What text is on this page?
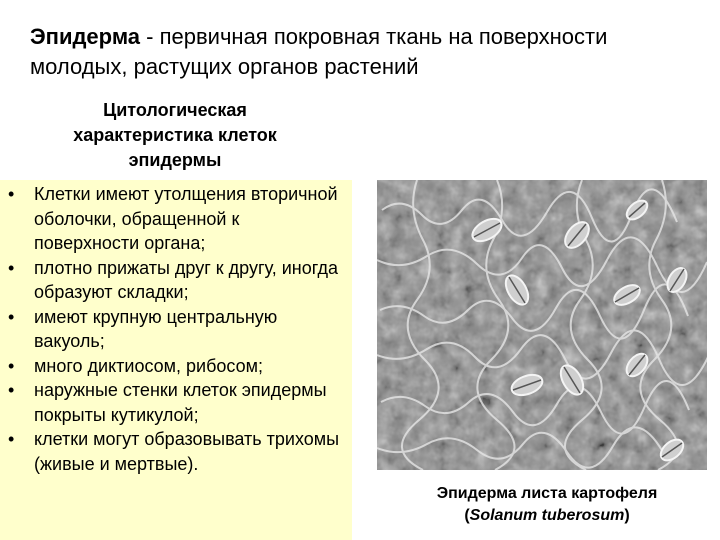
Эпидерма - первичная покровная ткань на поверхности молодых, растущих органов растений
Цитологическая характеристика клеток эпидермы
• Клетки имеют утолщения вторичной оболочки, обращенной к поверхности органа;
• плотно прижаты друг к другу, иногда образуют складки;
• имеют крупную центральную вакуоль;
• много диктиосом, рибосом;
• наружные стенки клеток эпидермы покрыты кутикулой;
• клетки могут образовывать трихомы (живые и мертвые).
Эпидерма листа картофеля
(Solanum tuberosum)
